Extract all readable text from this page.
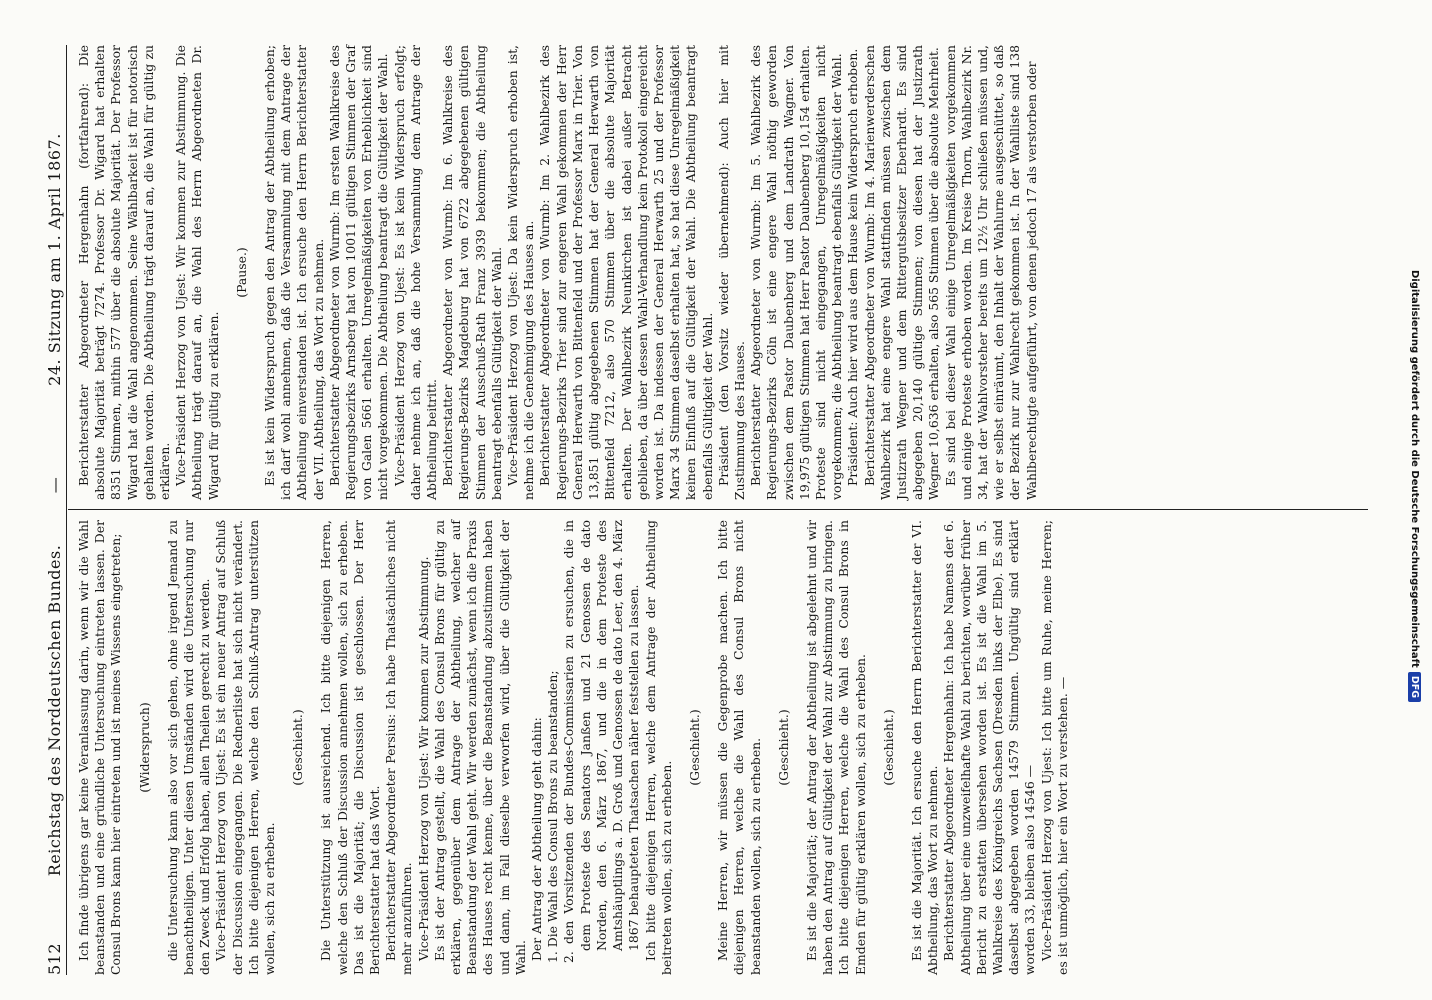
512
Reichstag des Norddeutschen Bundes.
—
24. Sitzung am 1. April 1867.

Ich finde übrigens gar keine Veranlassung darin, wenn wir die Wahl beanstanden und eine gründliche Untersuchung eintreten lassen. Der Consul Brons kann hier eintreten und ist meines Wissens eingetreten; (Widerspruch) die Untersuchung kann also vor sich gehen, ohne irgend Jemand zu benachtheiligen. Unter diesen Umständen wird die Untersuchung nur den Zweck und Erfolg haben, allen Theilen gerecht zu werden. Vice-Präsident Herzog von Ujest: Es ist ein neuer Antrag auf Schluß der Discussion eingegangen. Die Rednerliste hat sich nicht verändert. Ich bitte diejenigen Herren, welche den Schluß-Antrag unterstützen wollen, sich zu erheben.

(Geschieht.) Die Unterstützung ist ausreichend. Ich bitte diejenigen Herren, welche den Schluß der Discussion annehmen wollen, sich zu erheben. Das ist die Majorität; die Discussion ist geschlossen. Der Herr Berichterstatter hat das Wort. Berichterstatter Abgeordneter Persius: Ich habe Thatsächliches nicht mehr anzuführen. Vice-Präsident Herzog von Ujest: Wir kommen zur Abstimmung. Es ist der Antrag gestellt, die Wahl des Consul Brons für gültig zu erklären, gegenüber dem Antrage der Abtheilung, welcher auf Beanstandung der Wahl geht. Wir werden zunächst, wenn ich die Praxis des Hauses recht kenne, über die Beanstandung abzustimmen haben und dann, im Fall dieselbe verworfen wird, über die Gültigkeit der Wahl. Der Antrag der Abtheilung geht dahin: 1. Die Wahl des Consul Brons zu beanstanden; 2. den Vorsitzenden der Bundes-Commissarien zu ersuchen, die in dem Proteste des Senators Janßen und 21 Genossen de dato Norden, den 6. März 1867, und die in dem Proteste des Amtshäuptlings a. D. Groß und Genossen de dato Leer, den 4. März 1867 behaupteten Thatsachen näher feststellen zu lassen. Ich bitte diejenigen Herren, welche dem Antrage der Abtheilung beitreten wollen, sich zu erheben.

(Geschieht.) Meine Herren, wir müssen die Gegenprobe machen. Ich bitte diejenigen Herren, welche die Wahl des Consul Brons nicht beanstanden wollen, sich zu erheben. (Geschieht.) Es ist die Majorität; der Antrag der Abtheilung ist abgelehnt und wir haben den Antrag auf Gültigkeit der Wahl zur Abstimmung zu bringen. Ich bitte diejenigen Herren, welche die Wahl des Consul Brons in Emden für gültig erklären wollen, sich zu erheben. (Geschieht.) Es ist die Majorität. Ich ersuche den Herrn Berichterstatter der VI. Abtheilung, das Wort zu nehmen. Berichterstatter Abgeordneter Hergenhahn: Ich habe Namens der 6. Abtheilung über eine unzweifelhafte Wahl zu berichten, worüber früher Bericht zu erstatten übersehen worden ist. Es ist die Wahl im 5. Wahlkreise des Königreichs Sachsen (Dresden links der Elbe). Es sind daselbst abgegeben worden 14579 Stimmen. Ungültig sind erklärt worden 33, bleiben also 14546 — Vice-Präsident Herzog von Ujest: Ich bitte um Ruhe, meine Herren; es ist unmöglich, hier ein Wort zu verstehen. —

Berichterstatter Abgeordneter Hergenhahn (fortfahrend): Die absolute Majorität beträgt 7274. Professor Dr. Wigard hat erhalten 8351 Stimmen, mithin 577 über die absolute Majorität. Der Professor Wigard hat die Wahl angenommen. Seine Wählbarkeit ist für notorisch gehalten worden. Die Abtheilung trägt darauf an, die Wahl für gültig zu erklären. Vice-Präsident Herzog von Ujest: Wir kommen zur Abstimmung. Die Abtheilung trägt darauf an, die Wahl des Herrn Abgeordneten Dr. Wigard für gültig zu erklären.

(Pause.) Es ist kein Widerspruch gegen den Antrag der Abtheilung erhoben; ich darf wohl annehmen, daß die Versammlung mit dem Antrage der Abtheilung einverstanden ist. Ich ersuche den Herrn Berichterstatter der VII. Abtheilung, das Wort zu nehmen. Berichterstatter Abgeordneter von Wurmb: Im ersten Wahlkreise des Regierungsbezirks Arnsberg hat von 10011 gültigen Stimmen der Graf von Galen 5661 erhalten. Unregelmäßigkeiten von Erheblichkeit sind nicht vorgekommen. Die Abtheilung beantragt die Gültigkeit der Wahl. Vice-Präsident Herzog von Ujest: Es ist kein Widerspruch erfolgt; daher nehme ich an, daß die hohe Versammlung dem Antrage der Abtheilung beitritt. Berichterstatter Abgeordneter von Wurmb: Im 6. Wahlkreise des Regierungs-Bezirks Magdeburg hat von 6722 abgegebenen gültigen Stimmen der Ausschuß-Rath Franz 3939 bekommen; die Abtheilung beantragt ebenfalls Gültigkeit der Wahl. Vice-Präsident Herzog von Ujest: Da kein Widerspruch erhoben ist, nehme ich die Genehmigung des Hauses an. Berichterstatter Abgeordneter von Wurmb: Im 2. Wahlbezirk des Regierungs-Bezirks Trier sind zur engeren Wahl gekommen der Herr General Herwarth von Bittenfeld und der Professor Marx in Trier. Von 13,851 gültig abgegebenen Stimmen hat der General Herwarth von Bittenfeld 7212, also 570 Stimmen über die absolute Majorität erhalten. Der Wahlbezirk Neunkirchen ist dabei außer Betracht geblieben, da über dessen Wahl-Verhandlung kein Protokoll eingereicht worden ist. Da indessen der General Herwarth 25 und der Professor Marx 34 Stimmen daselbst erhalten hat, so hat diese Unregelmäßigkeit keinen Einfluß auf die Gültigkeit der Wahl. Die Abtheilung beantragt ebenfalls Gültigkeit der Wahl. Präsident (den Vorsitz wieder übernehmend): Auch hier mit Zustimmung des Hauses. Berichterstatter Abgeordneter von Wurmb: Im 5. Wahlbezirk des Regierungs-Bezirks Cöln ist eine engere Wahl nöthig geworden zwischen dem Pastor Daubenberg und dem Landrath Wagner. Von 19,975 gültigen Stimmen hat Herr Pastor Daubenberg 10,154 erhalten. Proteste sind nicht eingegangen, Unregelmäßigkeiten nicht vorgekommen; die Abtheilung beantragt ebenfalls Gültigkeit der Wahl. Präsident: Auch hier wird aus dem Hause kein Widerspruch erhoben. Berichterstatter Abgeordneter von Wurmb: Im 4. Marienwerderschen Wahlbezirk hat eine engere Wahl stattfinden müssen zwischen dem Justizrath Wegner und dem Rittergutsbesitzer Eberhardt. Es sind abgegeben 20,140 gültige Stimmen; von diesen hat der Justizrath Wegner 10,636 erhalten, also 565 Stimmen über die absolute Mehrheit. Es sind bei dieser Wahl einige Unregelmäßigkeiten vorgekommen und einige Proteste erhoben worden. Im Kreise Thorn, Wahlbezirk Nr. 34, hat der Wahlvorsteher bereits um 12½ Uhr schließen müssen und, wie er selbst einräumt, den Inhalt der Wahlurne ausgeschüttet, so daß der Bezirk nur zur Wahlrecht gekommen ist. In der Wahlliste sind 138 Wahlberechtigte aufgeführt, von denen jedoch 17 als verstorben oder	Digitalisierung gefördert durch die Deutsche Forschungsgemeinschaft
DFG
